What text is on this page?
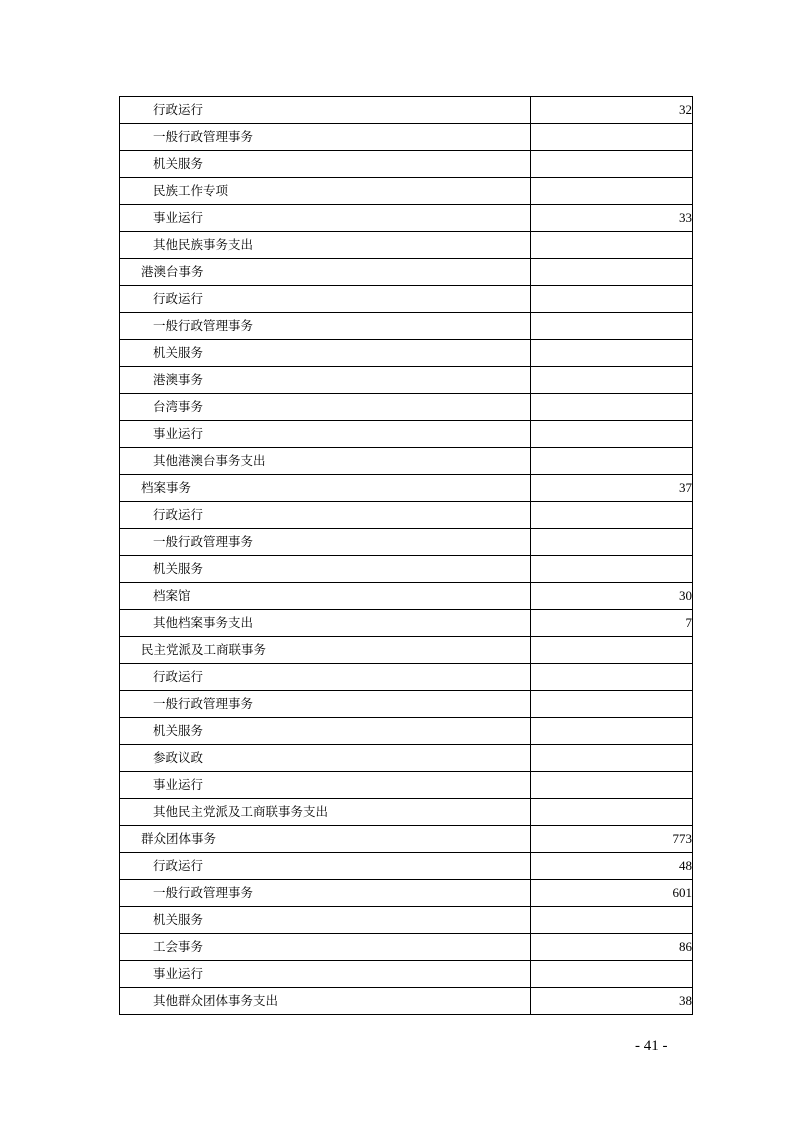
行政运行	32
一般行政管理事务	
机关服务	
民族工作专项	
事业运行	33
其他民族事务支出	
港澳台事务	
行政运行	
一般行政管理事务	
机关服务	
港澳事务	
台湾事务	
事业运行	
其他港澳台事务支出	
档案事务	37
行政运行	
一般行政管理事务	
机关服务	
档案馆	30
其他档案事务支出	7
民主党派及工商联事务	
行政运行	
一般行政管理事务	
机关服务	
参政议政	
事业运行	
其他民主党派及工商联事务支出	
群众团体事务	773
行政运行	48
一般行政管理事务	601
机关服务	
工会事务	86
事业运行	
其他群众团体事务支出	38
- 41 -
